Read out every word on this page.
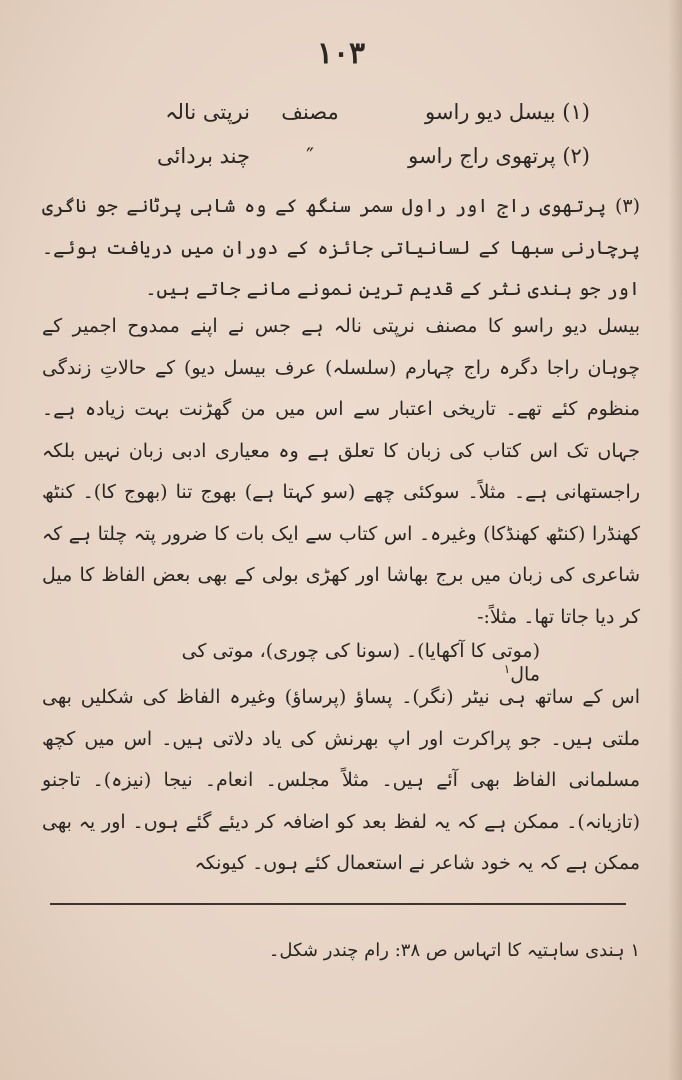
۱۰۳
(۱) بیسل دیو راسو
مصنف
نرپتی نالہ
(۲) پرتھوی راج راسو
″
چند بردائی

(۳) پرتھوی راج اور راول سمر سنگھ کے وہ شاہی پرٹانے جو ناگری پرچارنی سبھا کے لسانیاتی جائزہ کے دوران میں دریافت ہوئے۔ اور جو ہندی نثر کے قدیم ترین نمونے مانے جاتے ہیں۔

بیسل دیو راسو کا مصنف نرپتی نالہ ہے جس نے اپنے ممدوح اجمیر کے چوہان راجا دگرہ راج چہارم (سلسلہ) عرف بیسل دیو) کے حالاتِ زندگی منظوم کئے تھے۔ تاریخی اعتبار سے اس میں من گھڑنت بہت زیادہ ہے۔ جہاں تک اس کتاب کی زبان کا تعلق ہے وہ معیاری ادبی زبان نہیں بلکہ راجستھانی ہے۔ مثلاً۔ سوکئی چھے (سو کہتا ہے) بھوج تنا (بھوج کا)۔ کنٹھ کھنڈرا (کنٹھ کھنڈکا) وغیرہ۔ اس کتاب سے ایک بات کا ضرور پتہ چلتا ہے کہ شاعری کی زبان میں برج بھاشا اور کھڑی بولی کے بھی بعض الفاظ کا میل کر دیا جاتا تھا۔ مثلاً:-

(موتی کا آکھایا)۔ (سونا کی چوری)، موتی کی مال$^۱$

اس کے ساتھ ہی نیٹر (نگر)۔ پساؤ (پرساؤ) وغیرہ الفاظ کی شکلیں بھی ملتی ہیں۔ جو پراکرت اور اپ بھرنش کی یاد دلاتی ہیں۔ اس میں کچھ مسلمانی الفاظ بھی آئے ہیں۔ مثلاً مجلس۔ انعام۔ نیجا (نیزہ)۔ تاجنو (تازیانہ)۔ ممکن ہے کہ یہ لفظ بعد کو اضافہ کر دیئے گئے ہوں۔ اور یہ بھی ممکن ہے کہ یہ خود شاعر نے استعمال کئے ہوں۔ کیونکہ

۱ ہندی ساہتیہ کا اتہاس ص ۳۸: رام چندر شکل۔
